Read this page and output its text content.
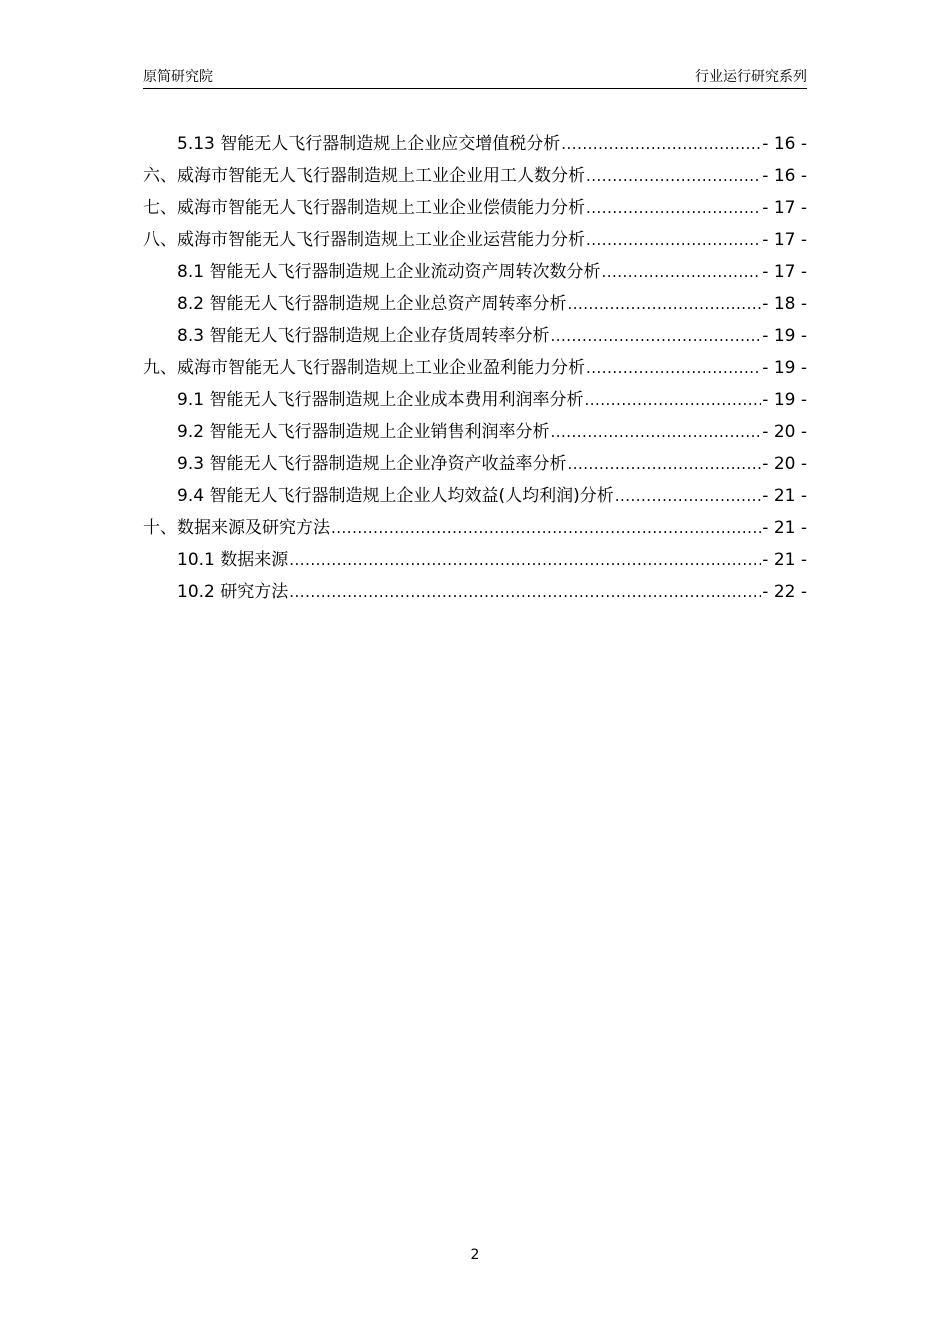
原简研究院	行业运行研究系列
5.13 智能无人飞行器制造规上企业应交增值税分析 .....	- 16 -
六、威海市智能无人飞行器制造规上工业企业用工人数分析 .....	- 16 -
七、威海市智能无人飞行器制造规上工业企业偿债能力分析 .....	- 17 -
八、威海市智能无人飞行器制造规上工业企业运营能力分析 .....	- 17 -
8.1 智能无人飞行器制造规上企业流动资产周转次数分析 .....	- 17 -
8.2 智能无人飞行器制造规上企业总资产周转率分析 .....	- 18 -
8.3 智能无人飞行器制造规上企业存货周转率分析 .....	- 19 -
九、威海市智能无人飞行器制造规上工业企业盈利能力分析 .....	- 19 -
9.1 智能无人飞行器制造规上企业成本费用利润率分析 .....	- 19 -
9.2 智能无人飞行器制造规上企业销售利润率分析 .....	- 20 -
9.3 智能无人飞行器制造规上企业净资产收益率分析 .....	- 20 -
9.4 智能无人飞行器制造规上企业人均效益(人均利润)分析 .....	- 21 -
十、数据来源及研究方法 .....	- 21 -
10.1 数据来源 .....	- 21 -
10.2 研究方法 .....	- 22 -
2
